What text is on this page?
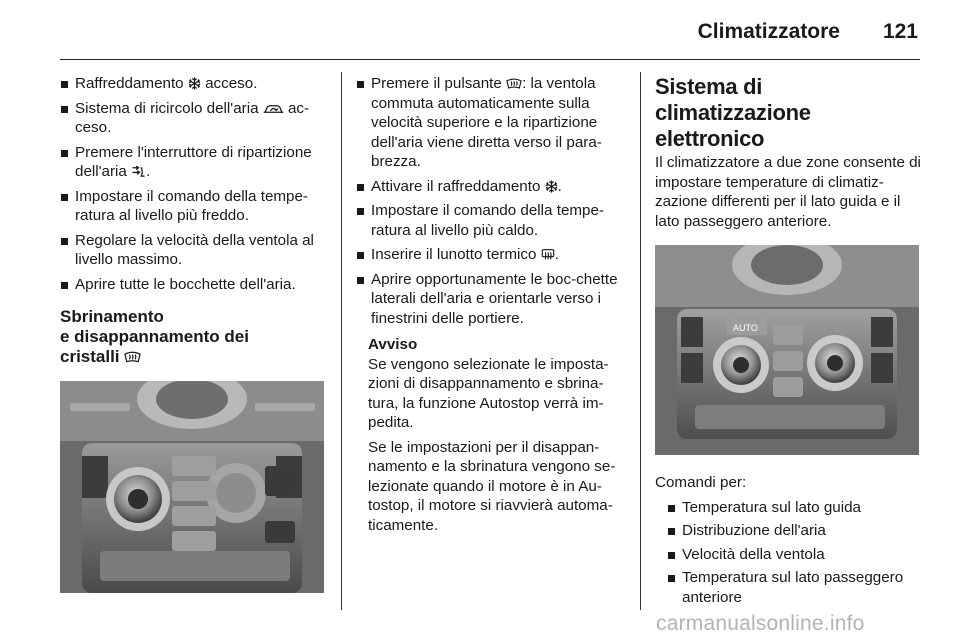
Climatizzatore 121
Raffreddamento  acceso.
Sistema di ricircolo dell'aria  ac-ceso.
Premere l'interruttore di ripartizione dell'aria .
Impostare il comando della tempe-ratura al livello più freddo.
Regolare la velocità della ventola al livello massimo.
Aprire tutte le bocchette dell'aria.
Sbrinamento
e disappannamento dei
cristalli
Premere il pulsante : la ventola commuta automaticamente sulla velocità superiore e la ripartizione dell'aria viene diretta verso il para-brezza.
Attivare il raffreddamento .
Impostare il comando della tempe-ratura al livello più caldo.
Inserire il lunotto termico .
Aprire opportunamente le boc-chette laterali dell'aria e orientarle verso i finestrini delle portiere.
Avviso

Se vengono selezionate le imposta-zioni di disappannamento e sbrina-tura, la funzione Autostop verrà im-pedita.

Se le impostazioni per il disappan-namento e la sbrinatura vengono se-lezionate quando il motore è in Au-tostop, il motore si riavvierà automa-ticamente.

Sistema di climatizzazione elettronico

Il climatizzatore a due zone consente di impostare temperature di climatiz-zazione differenti per il lato guida e il lato passeggero anteriore.

AUTO

Comandi per:

Temperatura sul lato guida
Distribuzione dell'aria
Velocità della ventola
Temperatura sul lato passeggero anteriore
carmanualsonline.info
